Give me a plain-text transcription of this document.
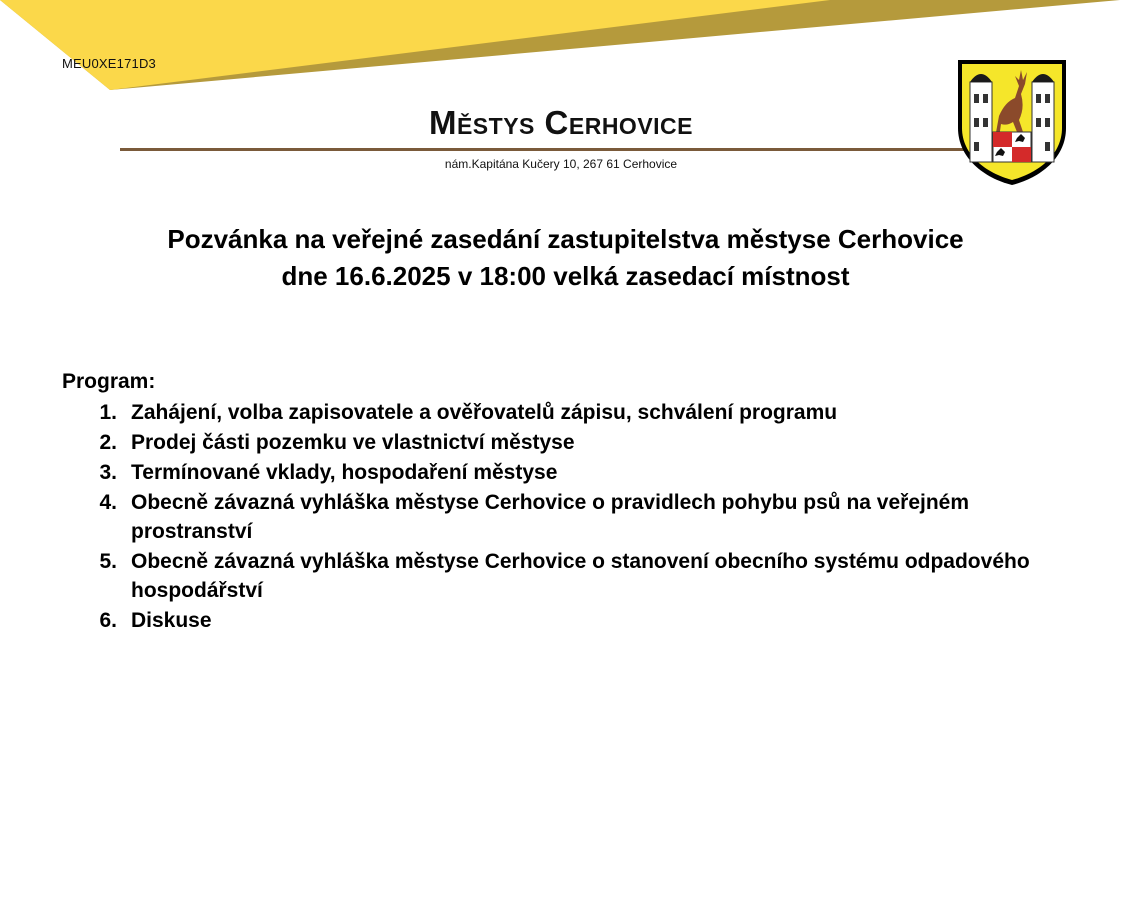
MEU0XE171D3
Městys Cerhovice
nám.Kapitána Kučery 10, 267 61 Cerhovice
Pozvánka na veřejné zasedání zastupitelstva městyse Cerhovice
dne 16.6.2025 v 18:00 velká zasedací místnost
Program:
1. Zahájení, volba zapisovatele a ověřovatelů zápisu, schválení programu
2. Prodej části pozemku ve vlastnictví městyse
3. Termínované vklady, hospodaření městyse
4. Obecně závazná vyhláška městyse Cerhovice o pravidlech pohybu psů na veřejném prostranství
5. Obecně závazná vyhláška městyse Cerhovice o stanovení obecního systému odpadového hospodářství
6. Diskuse
